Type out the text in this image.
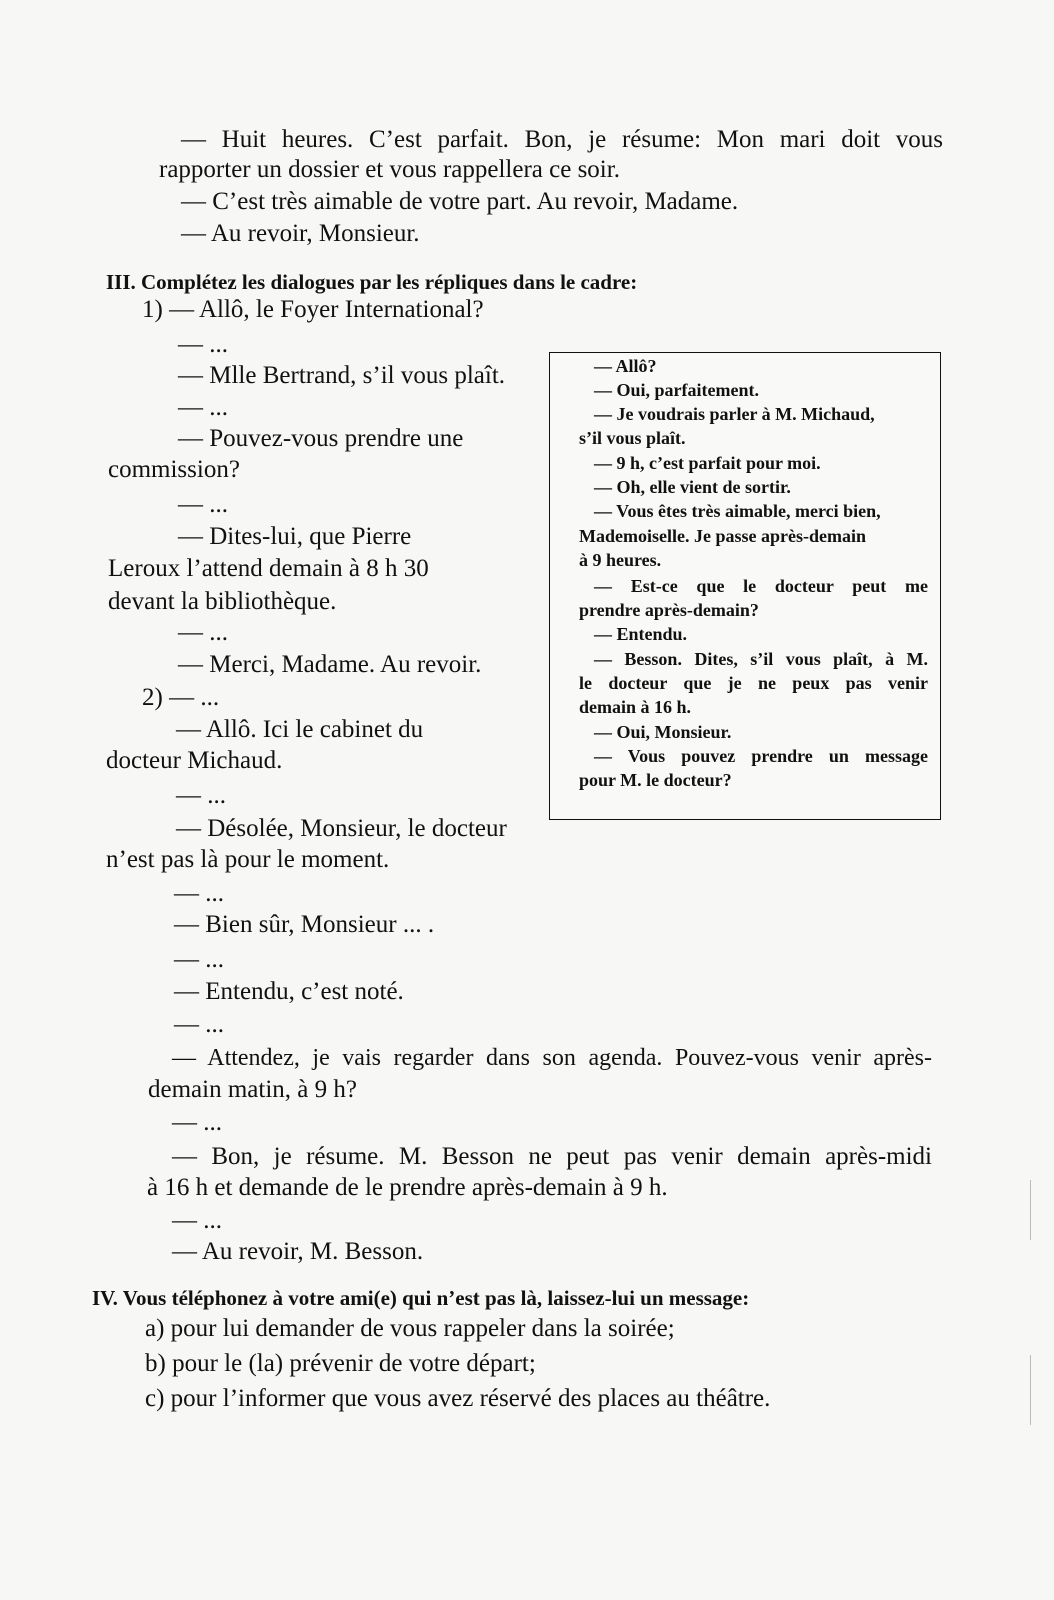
— Huit heures. C’est parfait. Bon, je résume: Mon mari doit vous
rapporter un dossier et vous rappellera ce soir.
— C’est très aimable de votre part. Au revoir, Madame.
— Au revoir, Monsieur.
III. Complétez les dialogues par les répliques dans le cadre:
1) — Allô, le Foyer International?
— ...
— Mlle Bertrand, s’il vous plaît.
— ...
— Pouvez-vous prendre une
commission?
— ...
— Dites-lui, que Pierre
Leroux l’attend demain à 8 h 30
devant la bibliothèque.
— ...
— Merci, Madame. Au revoir.
2) — ...
— Allô. Ici le cabinet du
docteur Michaud.
— ...
— Désolée, Monsieur, le docteur
n’est pas là pour le moment.
— ...
— Bien sûr, Monsieur ... .
— ...
— Entendu, c’est noté.
— ...
— Attendez, je vais regarder dans son agenda. Pouvez-vous venir après-
demain matin, à 9 h?
— ...
— Bon, je résume. M. Besson ne peut pas venir demain après-midi
à 16 h et demande de le prendre après-demain à 9 h.
— ...
— Au revoir, M. Besson.
— Allô?
— Oui, parfaitement.
— Je voudrais parler à M. Michaud,
s’il vous plaît.
— 9 h, c’est parfait pour moi.
— Oh, elle vient de sortir.
— Vous êtes très aimable, merci bien,
Mademoiselle. Je passe après-demain
à 9 heures.
— Est-ce que le docteur peut me
prendre après-demain?
— Entendu.
— Besson. Dites, s’il vous plaît, à M.
le docteur que je ne peux pas venir
demain à 16 h.
— Oui, Monsieur.
— Vous pouvez prendre un message
pour M. le docteur?
IV. Vous téléphonez à votre ami(e) qui n’est pas là, laissez-lui un message:
a) pour lui demander de vous rappeler dans la soirée;
b) pour le (la) prévenir de votre départ;
c) pour l’informer que vous avez réservé des places au théâtre.
